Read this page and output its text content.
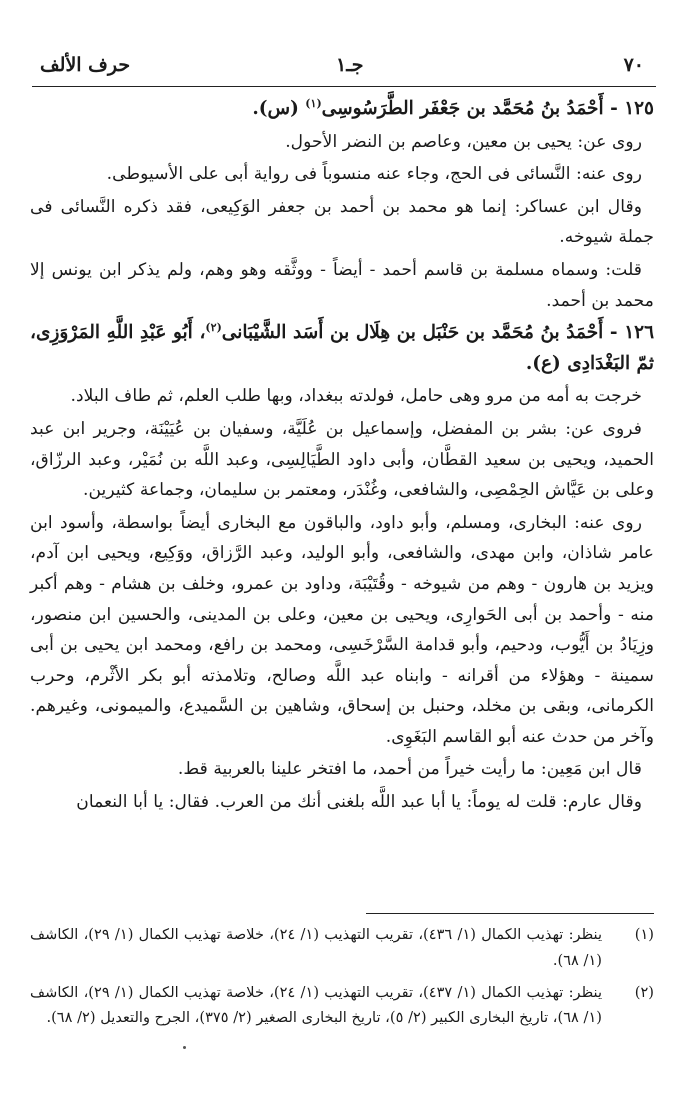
حرف الألف	جـ١	٧٠

١٢٥ - أَحْمَدُ بنُ مُحَمَّد بن جَعْفَر الطَّرَسُوسِى$^{(١)}$ (س).

روى عن: يحيى بن معين، وعاصم بن النضر الأحول.

روى عنه: النَّسائى فى الحج، وجاء عنه منسوباً فى رواية أبى على الأسيوطى.

وقال ابن عساكر: إنما هو محمد بن أحمد بن جعفر الوَكِيعى، فقد ذكره النَّسائى فى جملة شيوخه.

قلت: وسماه مسلمة بن قاسم أحمد - أيضاً - ووثَّقه وهو وهم، ولم يذكر ابن يونس إلا محمد بن أحمد.

١٢٦ - أَحْمَدُ بنُ مُحَمَّد بن حَنْبَل بن هِلَال بن أَسَد الشَّيْبَانى$^{(٢)}$، أَبُو عَبْدِ اللَّهِ المَرْوَزِى، ثمّ البَغْدَادِى (ع).

خرجت به أمه من مرو وهى حامل، فولدته ببغداد، وبها طلب العلم، ثم طاف البلاد.

فروى عن: بشر بن المفضل، وإسماعيل بن عُلَيَّة، وسفيان بن عُيَيْنَة، وجرير ابن عبد الحميد، ويحيى بن سعيد القطَّان، وأبى داود الطَّيَالِسِى، وعبد اللَّه بن نُمَيْر، وعبد الرزّاق، وعلى بن عَيَّاش الحِمْصِى، والشافعى، وغُنْدَر، ومعتمر بن سليمان، وجماعة كثيرين.

روى عنه: البخارى، ومسلم، وأبو داود، والباقون مع البخارى أيضاً بواسطة، وأسود ابن عامر شاذان، وابن مهدى، والشافعى، وأبو الوليد، وعبد الرَّزاق، ووَكِيع، ويحيى ابن آدم، ويزيد بن هارون - وهم من شيوخه - وقُتَيْبَة، وداود بن عمرو، وخلف بن هشام - وهم أكبر منه - وأحمد بن أبى الحَوارِى، ويحيى بن معين، وعلى بن المدينى، والحسين ابن منصور، وزِيَادُ بن أَيُّوب، ودحيم، وأبو قدامة السَّرْخَسِى، ومحمد بن رافع، ومحمد ابن يحيى بن أبى سمينة - وهؤلاء من أقرانه - وابناه عبد اللَّه وصالح، وتلامذته أبو بكر الأثْرم، وحرب الكرمانى، وبقى بن مخلد، وحنبل بن إسحاق، وشاهين بن السَّميدع، والميمونى، وغيرهم. وآخر من حدث عنه أبو القاسم البَغَوِى.

قال ابن مَعِين: ما رأيت خيراً من أحمد، ما افتخر علينا بالعربية قط.

وقال عارم: قلت له يوماً: يا أبا عبد اللَّه بلغنى أنك من العرب. فقال: يا أبا النعمان

(١)
ينظر: تهذيب الكمال (١/ ٤٣٦)، تقريب التهذيب (١/ ٢٤)، خلاصة تهذيب الكمال (١/ ٢٩)، الكاشف (١/ ٦٨).
(٢)
ينظر: تهذيب الكمال (١/ ٤٣٧)، تقريب التهذيب (١/ ٢٤)، خلاصة تهذيب الكمال (١/ ٢٩)، الكاشف (١/ ٦٨)، تاريخ البخارى الكبير (٢/ ٥)، تاريخ البخارى الصغير (٢/ ٣٧٥)، الجرح والتعديل (٢/ ٦٨).
